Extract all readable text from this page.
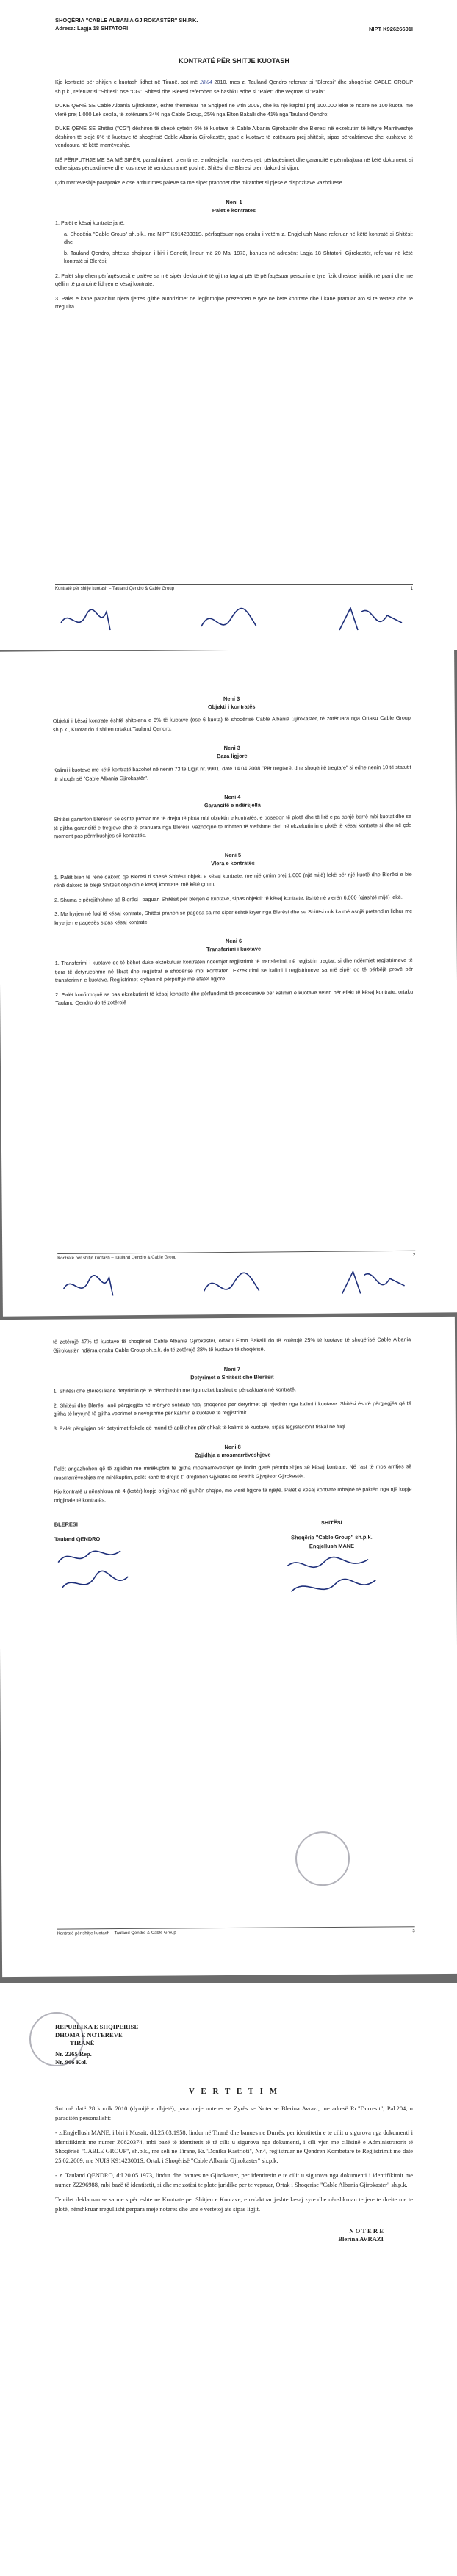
SHOQËRIA "CABLE ALBANIA GJIROKASTËR" SH.P.K.
Adresa: Lagja 18 SHTATORI	NIPT K92626601I
KONTRATË PËR SHITJE KUOTASH

Kjo kontratë për shitjen e kuotash lidhet në Tiranë, sot më 28.04 2010, mes z. Tauland Qendro referuar si "Bleresi" dhe shoqërisë CABLE GROUP sh.p.k., referuar si "Shitësi" ose "CG". Shitësi dhe Bleresi referohen së bashku edhe si "Palët" dhe veçmas si "Pala".

DUKE QENË SE Cable Albania Gjirokastër, është themeluar në Shqipëri në vitin 2009, dhe ka një kapital prej 100.000 lekë të ndarë në 100 kuota, me vlerë prej 1.000 Lek secila, të zotëruara 34% nga Cable Group, 25% nga Elton Bakalli dhe 41% nga Tauland Qendro;

DUKE QENË SE Shitësi ("CG") dëshiron të shesë qytetin 6% të kuotave të Cable Albania Gjirokastër dhe Bleresi në ekzekutim të këtyre Marrëveshje dëshiron të blejë 6% të kuotave të shoqërisë Cable Albania Gjirokastër, qasë e kuotave të zotëruara prej shitësit, sipas përcaktimeve dhe kushteve të vendosura në këtë marrëveshje.

NË PËRPUTHJE ME SA MË SIPËR, parashtrimet, premtimet e ndërsjella, marrëveshjet, përfaqësimet dhe garancitë e përmbajtura në këtë dokument, si edhe sipas përcaktimeve dhe kushteve të vendosura më poshtë, Shitësi dhe Bleresi bien dakord si vijon:

Çdo marrëveshje paraprake e ose arritur mes palëve sa më sipër pranohet dhe miratohet si pjesë e dispozitave vazhduese.

Neni 1
Palët e kontratës

1. Palët e kësaj kontrate janë:

a. Shoqëria "Cable Group" sh.p.k., me NIPT K91423001S, përfaqësuar nga ortaku i vetëm z. Engjellush Mane referuar në këtë kontratë si Shitësi; dhe

b. Tauland Qendro, shtetas shqiptar, i biri i Senetit, lindur më 20 Maj 1973, banues në adresën: Lagja 18 Shtatori, Gjirokastër, referuar në këtë kontratë si Blerësi;

2. Palët shprehen përfaqësuesit e palëve sa më sipër deklarojnë të gjitha tagrat për të përfaqësuar personin e tyre fizik dhe/ose juridik në prani dhe me qëllim të pranojnë lidhjen e kësaj kontrate.

3. Palët e kanë paraqitur njëra tjetrës gjithë autorizimet që legjitimojnë prezencën e tyre në këtë kontratë dhe i kanë pranuar ato si të vërteta dhe të rregullta.

Kontratë për shitje kuotash – Tauland Qendro & Cable Group	1
Neni 3
Objekti i kontratës

Objekti i kësaj kontrate është shitblerja e 6% të kuotave (ose 6 kuota) të shoqërisë Cable Albania Gjirokastër, të zotëruara nga Ortaku Cable Group sh.p.k., Kuotat do ti shiten ortakut Tauland Qendro.

Neni 3
Baza ligjore

Kalimi i kuotave me këtë kontratë bazohet në nenin 73 të Ligjit nr. 9901, date 14.04.2008 "Për tregtarët dhe shoqëritë tregtare" si edhe nenin 10 të statutit të shoqërisë "Cable Albania Gjirokastër".

Neni 4
Garancitë e ndërsjella

Shitësi garanton Blerësin se është pronar me të drejta të plota mbi objektin e kontratës, e posedon të plotë dhe të lirë e pa asnjë barrë mbi kuotat dhe se të gjitha garancitë e tregjeve dhe të pranuara nga Blerësi, vazhdojnë të mbeten të vlefshme deri në ekzekutimin e plotë të kësaj kontrate si dhe në çdo moment pas përmbushjes së kontratës.

Neni 5
Vlera e kontratës

1. Palët bien të rënë dakord që Blerësi ti shesë Shitësit objekt e kësaj kontrate, me një çmim prej 1.000 (një mijë) lekë për një kuotë dhe Blerësi e bie rënë dakord të blejë Shitësit objektin e kësaj kontrate, më këtë çmim.

2. Shuma e përgjithshme që Blerësi i paguan Shitësit për blerjen e kuotave, sipas objektit të kësaj kontrate, është në vlerën 6.000 (gjashtë mijë) lekë.

3. Me hyrjen në fuqi të kësaj kontrate, Shitësi pranon se pagesa sa më sipër është kryer nga Blerësi dhe se Shitësi nuk ka më asnjë pretendim lidhur me kryerjen e pagesës sipas kësaj kontrate.

Neni 6
Transferimi i kuotave

1. Transferimi i kuotave do të bëhet duke ekzekutuar kontratën ndërmjet regjistrimit të transferimit në regjistrin tregtar, si dhe ndërmjet regjistrimeve të tjera të detyrueshme në librat dhe regjistrat e shoqërisë mbi kontratën. Ekzekutimi se kalimi i regjistrimeve sa më sipër do të përbëjë provë për transferimin e kuotave. Regjistrimet kryhen në përputhje me afatet ligjore.

2. Palët konfirmojnë se pas ekzekutimit të kësaj kontrate dhe përfundimit të procedurave për kalimin e kuotave veten për efekt të kësaj kontrate, ortaku Tauland Qendro do të zotërojë

Kontratë për shitje kuotash – Tauland Qendro & Cable Group	2

të zotërojë 47% të kuotave të shoqërisë Cable Albania Gjirokastër, ortaku Elton Bakalli do të zotërojë 25% të kuotave të shoqërisë Cable Albania Gjirokastër, ndërsa ortaku Cable Group sh.p.k. do të zotërojë 28% të kuotave të shoqërisë.

Neni 7
Detyrimet e Shitësit dhe Blerësit

1. Shitësi dhe Blerësi kanë detyrimin që të përmbushin me rigorozitet kushtet e përcaktuara në kontratë.

2. Shitësi dhe Blerësi janë përgjegjës në mënyrë solidale ndaj shoqërisë për detyrimet që rrjedhin nga kalimi i kuotave. Shitësi është përgjegjës që të gjitha të kryejnë të gjitha veprimet e nevojshme për kalimin e kuotave të regjistrimit.

3. Palët përgjigjen për detyrimet fiskale që mund të aplikohen për shkak të kalimit të kuotave, sipas legjislacionit fiskal në fuqi.

Neni 8
Zgjidhja e mosmarrëveshjeve

Palët angazhohen që të zgjidhin me mirëkuptim të gjitha mosmarrëveshjet që lindin gjatë përmbushjes së kësaj kontrate. Në rast të mos arritjes së mosmarrëveshjes me mirëkuptim, palët kanë të drejtë t'i drejtohen Gjykatës së Rrethit Gjyqësor Gjirokastër.

Kjo kontratë u nënshkrua në 4 (katër) kopje origjinale në gjuhën shqipe, me vlerë ligjore të njëjtë. Palët e kësaj kontrate mbajnë të paktën nga një kopje origjinale të kontratës.

BLERËSI
Tauland QENDRO
SHITËSI
Shoqëria "Cable Group" sh.p.k.
Engjellush MANE
Kontratë për shitje kuotash – Tauland Qendro & Cable Group	3
REPUBLIKA E SHQIPERISE
DHOMA E NOTEREVE
TIRANË
Nr. 2265 Rep.
Nr. 966 Kol.
V E R T E T I M

Sot më datë 28 korrik 2010 (dymijë e dhjetë), para meje noteres se Zyrës se Noterise Blerina Avrazi, me adresë Rr."Durresit", Pal.204, u paraqitën personalisht:

- z.Engjellush MANE, i biri i Musait, dtl.25.03.1958, lindur në Tiranë dhe banues ne Durrës, per identitetin e te cilit u sigurova nga dokumenti i identifikimit me numer Z0820374, mbi bazë të identitetit të të cilit u sigurova nga dokumenti, i cili vjen me cilësinë e Administratorit të Shoqërisë "CABLE GROUP", sh.p.k., me seli ne Tirane, Rr."Donika Kastrioti", Nr.4, regjistruar ne Qendren Kombetare te Regjistrimit me date 25.02.2009, me NUIS K91423001S, Ortak i Shoqërisë "Cable Albania Gjirokaster" sh.p.k.

- z. Tauland QENDRO, dtl.20.05.1973, lindur dhe banues ne Gjirokaster, per identitetin e te cilit u sigurova nga dokumenti i identifikimit me numer Z2296988, mbi bazë të identitetit, si dhe me zotësi te plote juridike per te vepruar, Ortak i Shoqerise "Cable Albania Gjirokaster" sh.p.k.

Te cilet deklaruan se sa me sipër eshte ne Kontrate per Shitjen e Kuotave, e redaktuar jashte kesaj zyre dhe nënshkruan te jere te dreite me te plotë, nënshkruar rregullisht perpara meje noteres dhe une e vertetoj ate sipas ligjit.

N O T E R E
Blerina AVRAZI
